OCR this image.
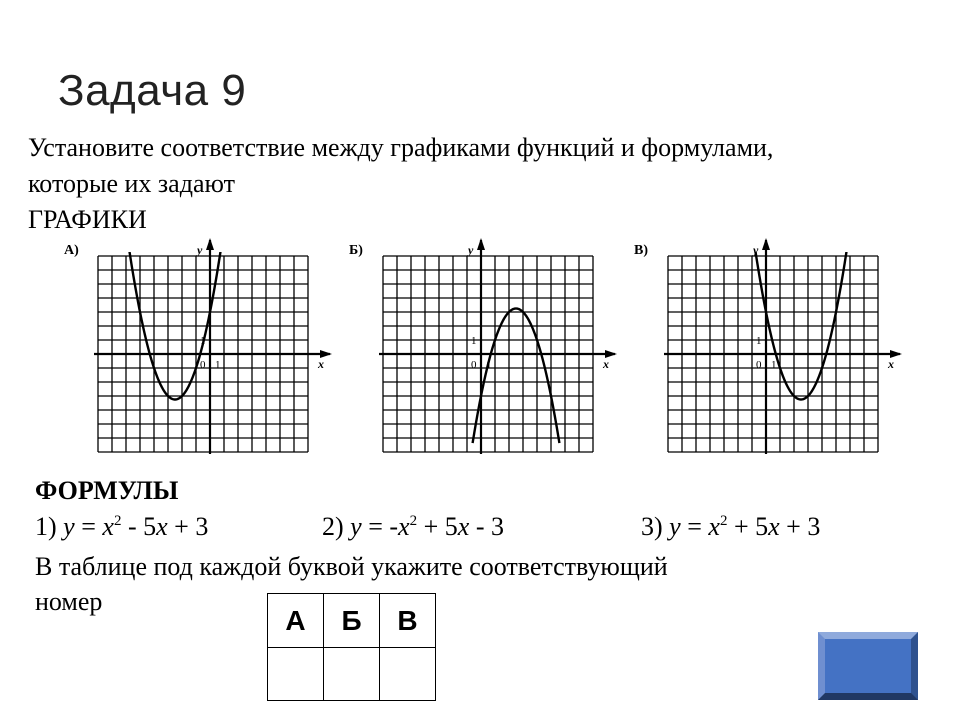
Задача 9
Установите соответствие между графиками функций и формулами,
которые их задают
ГРАФИКИ
А)
x
y
0 1
1
Б)
x
y
0 1
1
В)
x
y
0 1
1
ФОРМУЛЫ
1) $y = x^2 - 5x + 3$	2) $y = -x^2 + 5x - 3$	3) $y = x^2 + 5x + 3$
В таблице под каждой буквой укажите соответствующий
номер
А	Б	В
